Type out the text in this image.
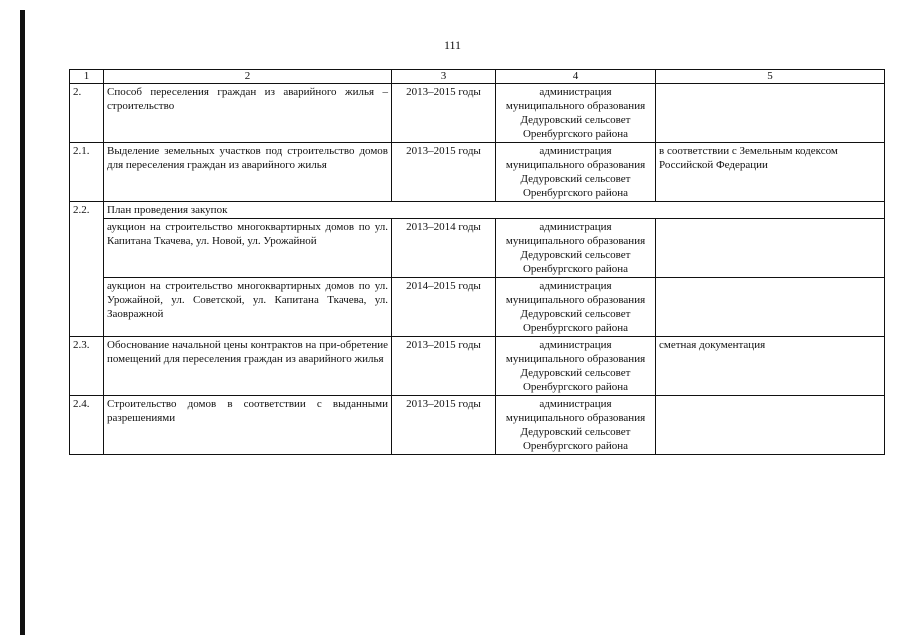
111
1	2	3	4	5
2.	Способ переселения граждан из аварийного жилья – строительство	2013–2015 годы	администрация муниципального образования Дедуровский сельсовет Оренбургского района	
2.1.	Выделение земельных участков под строительство домов для переселения граждан из аварийного жилья	2013–2015 годы	администрация муниципального образования Дедуровский сельсовет Оренбургского района	в соответствии с Земельным кодексом Российской Федерации
2.2.	План проведения закупок			
	аукцион на строительство многоквартирных домов по ул. Капитана Ткачева, ул. Новой, ул. Урожайной	2013–2014 годы	администрация муниципального образования Дедуровский сельсовет Оренбургского района	
	аукцион на строительство многоквартирных домов по ул. Урожайной, ул. Советской, ул. Капитана Ткачева, ул. Заовражной	2014–2015 годы	администрация муниципального образования Дедуровский сельсовет Оренбургского района	
2.3.	Обоснование начальной цены контрактов на при-обретение помещений для переселения граждан из аварийного жилья	2013–2015 годы	администрация муниципального образования Дедуровский сельсовет Оренбургского района	сметная документация
2.4.	Строительство домов в соответствии с выданными разрешениями	2013–2015 годы	администрация муниципального образования Дедуровский сельсовет Оренбургского района	
